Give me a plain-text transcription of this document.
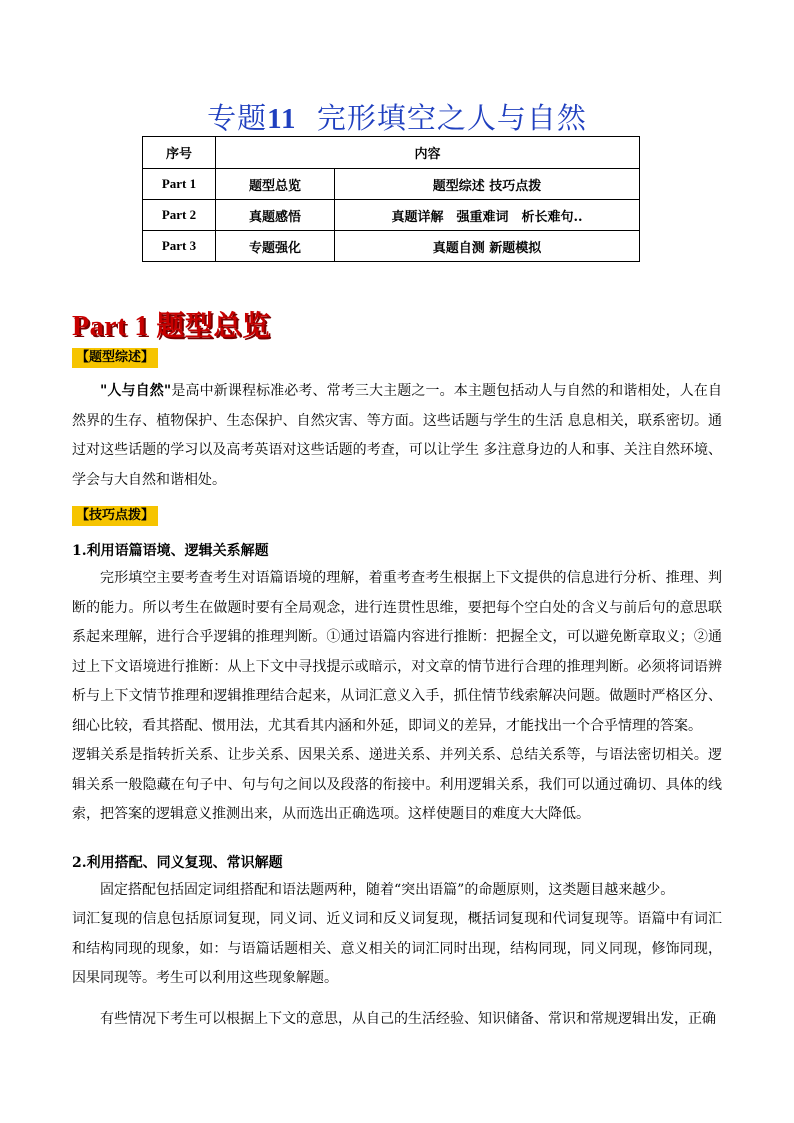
专题11 完形填空之人与自然
序号	内容	
Part 1	题型总览	题型综述 技巧点拨
Part 2	真题感悟	真题详解　强重难词　析长难句..
Part 3	专题强化	真题自测 新题模拟
Part 1 题型总览
【题型综述】
"人与自然"是高中新课程标准必考、常考三大主题之一。本主题包括动人与自然的和谐相处，人在自然界的生存、植物保护、生态保护、自然灾害、等方面。这些话题与学生的生活 息息相关，联系密切。通过对这些话题的学习以及高考英语对这些话题的考查，可以让学生 多注意身边的人和事、关注自然环境、学会与大自然和谐相处。
【技巧点拨】
1.利用语篇语境、逻辑关系解题
完形填空主要考查考生对语篇语境的理解，着重考查考生根据上下文提供的信息进行分析、推理、判断的能力。所以考生在做题时要有全局观念，进行连贯性思维，要把每个空白处的含义与前后句的意思联系起来理解，进行合乎逻辑的推理判断。①通过语篇内容进行推断：把握全文，可以避免断章取义；②通过上下文语境进行推断：从上下文中寻找提示或暗示，对文章的情节进行合理的推理判断。必须将词语辨析与上下文情节推理和逻辑推理结合起来，从词汇意义入手，抓住情节线索解决问题。做题时严格区分、细心比较，看其搭配、惯用法，尤其看其内涵和外延，即词义的差异，才能找出一个合乎情理的答案。
逻辑关系是指转折关系、让步关系、因果关系、递进关系、并列关系、总结关系等，与语法密切相关。逻辑关系一般隐藏在句子中、句与句之间以及段落的衔接中。利用逻辑关系，我们可以通过确切、具体的线索，把答案的逻辑意义推测出来，从而选出正确选项。这样使题目的难度大大降低。
2.利用搭配、同义复现、常识解题
固定搭配包括固定词组搭配和语法题两种，随着“突出语篇”的命题原则，这类题目越来越少。
词汇复现的信息包括原词复现，同义词、近义词和反义词复现，概括词复现和代词复现等。语篇中有词汇和结构同现的现象，如：与语篇话题相关、意义相关的词汇同时出现，结构同现，同义同现，修饰同现，因果同现等。考生可以利用这些现象解题。
有些情况下考生可以根据上下文的意思，从自己的生活经验、知识储备、常识和常规逻辑出发，正确
